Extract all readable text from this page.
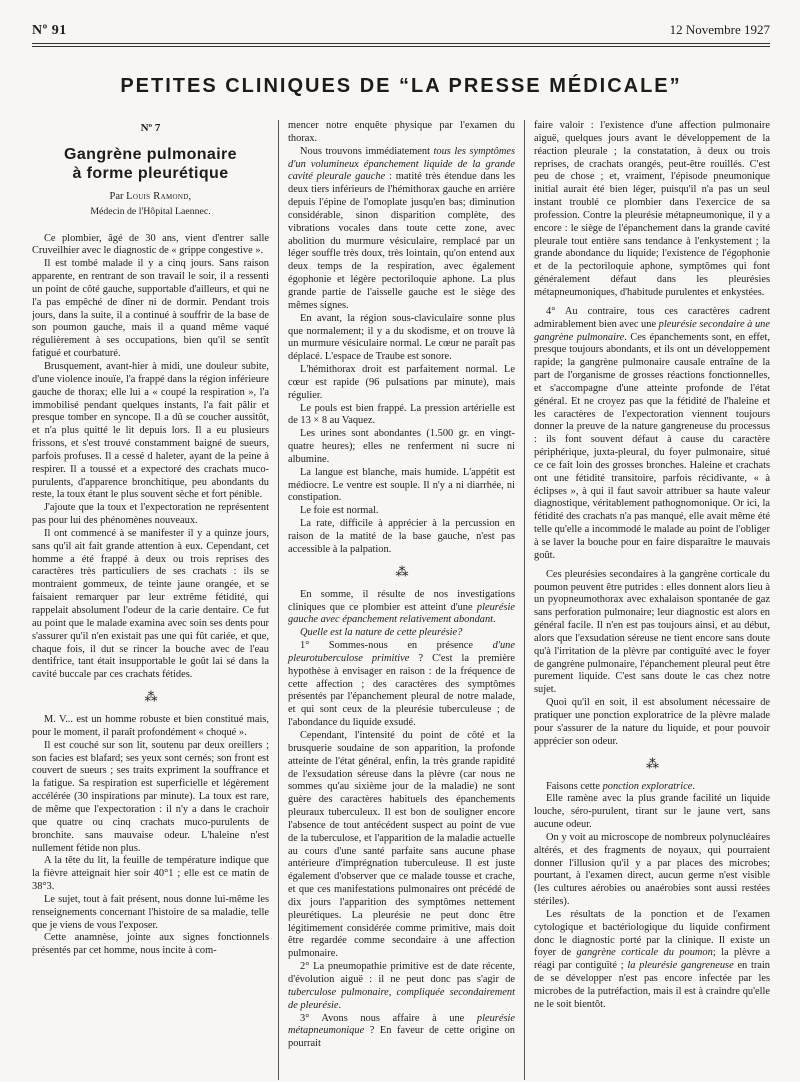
Nº 91	12 Novembre 1927
PETITES CLINIQUES DE “LA PRESSE MÉDICALE”
Nº 7
Gangrène pulmonaire
à forme pleurétique
Par Louis Ramond,
Médecin de l'Hôpital Laennec.

Ce plombier, âgé de 30 ans, vient d'entrer salle Cruveilhier avec le diagnostic de « grippe congestive ».

Il est tombé malade il y a cinq jours. Sans raison apparente, en rentrant de son travail le soir, il a ressenti un point de côté gauche, supportable d'ailleurs, et qui ne l'a pas empêché de dîner ni de dormir. Pendant trois jours, dans la suite, il a continué à souffrir de la base de son poumon gauche, mais il a quand même vaqué régulièrement à ses occupations, bien qu'il se sentît fatigué et courbaturé.

Brusquement, avant-hier à midi, une douleur subite, d'une violence inouïe, l'a frappé dans la région inférieure gauche de thorax; elle lui a « coupé la respiration », l'a immobilisé pendant quelques instants, l'a fait pâlir et presque tomber en syncope. Il a dû se coucher aussitôt, et n'a plus quitté le lit depuis lors. Il a eu plusieurs frissons, et s'est trouvé constamment baigné de sueurs, parfois profuses. Il a cessé d haleter, ayant de la peine à respirer. Il a toussé et a expectoré des crachats muco-purulents, d'apparence bronchitique, peu abondants du reste, la toux étant le plus souvent sèche et fort pénible.

J'ajoute que la toux et l'expectoration ne représentent pas pour lui des phénomènes nouveaux.

Il ont commencé à se manifester il y a quinze jours, sans qu'il ait fait grande attention à eux. Cependant, cet homme a été frappé à deux ou trois reprises des caractères très particuliers de ses crachats : ils se montraient gommeux, de teinte jaune orangée, et se faisaient remarquer par leur extrême fétidité, qui rappelait absolument l'odeur de la carie dentaire. Ce fut au point que le malade examina avec soin ses dents pour s'assurer qu'il n'en existait pas une qui fût cariée, et que, chaque fois, il dut se rincer la bouche avec de l'eau dentifrice, tant était insupportable le goût lai sé dans la cavité buccale par ces crachats fétides.

⁂

M. V... est un homme robuste et bien constitué mais, pour le moment, il paraît profondément « choqué ».

Il est couché sur son lit, soutenu par deux oreillers ; son facies est blafard; ses yeux sont cernés; son front est couvert de sueurs ; ses traits expriment la souffrance et la fatigue. Sa respiration est superficielle et légèrement accélérée (30 inspirations par minute). La toux est rare, de même que l'expectoration : il n'y a dans le crachoir que quatre ou cinq crachats muco-purulents de bronchite. sans mauvaise odeur. L'haleine n'est nullement fétide non plus.

A la tête du lit, la feuille de température indique que la fièvre atteignait hier soir 40°1 ; elle est ce matin de 38°3.

Le sujet, tout à fait présent, nous donne lui-même les renseignements concernant l'histoire de sa maladie, telle que je viens de vous l'exposer.

Cette anamnèse, jointe aux signes fonctionnels présentés par cet homme, nous incite à com-

mencer notre enquête physique par l'examen du thorax.

Nous trouvons immédiatement tous les symptômes d'un volumineux épanchement liquide de la grande cavité pleurale gauche : matité très étendue dans les deux tiers inférieurs de l'hémithorax gauche en arrière depuis l'épine de l'omoplate jusqu'en bas; diminution considérable, sinon disparition complète, des vibrations vocales dans toute cette zone, avec abolition du murmure vésiculaire, remplacé par un léger souffle très doux, très lointain, qu'on entend aux deux temps de la respiration, avec également égophonie et légère pectoriloquie aphone. La plus grande partie de l'aisselle gauche est le siège des mêmes signes.

En avant, la région sous-claviculaire sonne plus que normalement; il y a du skodisme, et on trouve là un murmure vésiculaire normal. Le cœur ne paraît pas déplacé. L'espace de Traube est sonore.

L'hémithorax droit est parfaitement normal. Le cœur est rapide (96 pulsations par minute), mais régulier.

Le pouls est bien frappé. La pression artérielle est de 13 × 8 au Vaquez.

Les urines sont abondantes (1.500 gr. en vingt-quatre heures); elles ne renferment ni sucre ni albumine.

La langue est blanche, mais humide. L'appétit est médiocre. Le ventre est souple. Il n'y a ni diarrhée, ni constipation.

Le foie est normal.

La rate, difficile à apprécier à la percussion en raison de la matité de la base gauche, n'est pas accessible à la palpation.

⁂

En somme, il résulte de nos investigations cliniques que ce plombier est atteint d'une pleurésie gauche avec épanchement relativement abondant.

Quelle est la nature de cette pleurésie?

1° Sommes-nous en présence d'une pleurotuberculose primitive ? C'est la première hypothèse à envisager en raison : de la fréquence de cette affection ; des caractères des symptômes présentés par l'épanchement pleural de notre malade, et qui sont ceux de la pleurésie tuberculeuse ; de l'abondance du liquide exsudé.

Cependant, l'intensité du point de côté et la brusquerie soudaine de son apparition, la profonde atteinte de l'état général, enfin, la très grande rapidité de l'exsudation séreuse dans la plèvre (car nous ne sommes qu'au sixième jour de la maladie) ne sont guère des caractères habituels des épanchements pleuraux tuberculeux. Il est bon de souligner encore l'absence de tout antécédent suspect au point de vue de la tuberculose, et l'apparition de la maladie actuelle au cours d'une santé parfaite sans aucune phase antérieure d'imprégnation tuberculeuse. Il est juste également d'observer que ce malade tousse et crache, et que ces manifestations pulmonaires ont précédé de dix jours l'apparition des symptômes nettement pleurétiques. La pleurésie ne peut donc être légitimement considérée comme primitive, mais doit être regardée comme secondaire à une affection pulmonaire.

2° La pneumopathie primitive est de date récente, d'évolution aiguë : il ne peut donc pas s'agir de tuberculose pulmonaire, compliquée secondairement de pleurésie.

3° Avons nous affaire à une pleurésie métapneumonique ? En faveur de cette origine on pourrait

faire valoir : l'existence d'une affection pulmonaire aiguë, quelques jours avant le développement de la réaction pleurale ; la constatation, à deux ou trois reprises, de crachats orangés, peut-être rouillés. C'est peu de chose ; et, vraiment, l'épisode pneumonique initial aurait été bien léger, puisqu'il n'a pas un seul instant troublé ce plombier dans l'exercice de sa profession. Contre la pleurésie métapneumonique, il y a encore : le siège de l'épanchement dans la grande cavité pleurale tout entière sans tendance à l'enkystement ; la grande abondance du liquide; l'existence de l'égophonie et de la pectoriloquie aphone, symptômes qui font généralement défaut dans les pleurésies métapneumoniques, d'habitude purulentes et enkystées.

4° Au contraire, tous ces caractères cadrent admirablement bien avec une pleurésie secondaire à une gangrène pulmonaire. Ces épanchements sont, en effet, presque toujours abondants, et ils ont un développement rapide; la gangrène pulmonaire causale entraîne de la part de l'organisme de grosses réactions fonctionnelles, et s'accompagne d'une atteinte profonde de l'état général. Et ne croyez pas que la fétidité de l'haleine et les caractères de l'expectoration viennent toujours donner la preuve de la nature gangreneuse du processus : ils font souvent défaut à cause du caractère périphérique, juxta-pleural, du foyer pulmonaire, situé ce ce fait loin des grosses bronches. Haleine et crachats ont une fétidité transitoire, parfois récidivante, « à éclipses », à qui il faut savoir attribuer sa haute valeur diagnostique, véritablement pathognomonique. Or ici, la fétidité des crachats n'a pas manqué, elle avait même été telle qu'elle a incommodé le malade au point de l'obliger à se laver la bouche pour en faire disparaître le mauvais goût.

Ces pleurésies secondaires à la gangrène corticale du poumon peuvent être putrides : elles donnent alors lieu à un pyopneumothorax avec exhalaison spontanée de gaz sans perforation pulmonaire; leur diagnostic est alors en général facile. Il n'en est pas toujours ainsi, et au début, alors que l'exsudation séreuse ne tient encore sans doute qu'à l'irritation de la plèvre par contiguïté avec le foyer de gangrène pulmonaire, l'épanchement pleural peut être purement liquide. C'est sans doute le cas chez notre sujet.

Quoi qu'il en soit, il est absolument nécessaire de pratiquer une ponction exploratrice de la plèvre malade pour s'assurer de la nature du liquide, et pour pouvoir apprécier son odeur.

⁂

Faisons cette ponction exploratrice.

Elle ramène avec la plus grande facilité un liquide louche, séro-purulent, tirant sur le jaune vert, sans aucune odeur.

On y voit au microscope de nombreux polynucléaires altérés, et des fragments de noyaux, qui pourraient donner l'illusion qu'il y a par places des microbes; pourtant, à l'examen direct, aucun germe n'est visible (les cultures aérobies ou anaérobies sont aussi restées stériles).

Les résultats de la ponction et de l'examen cytologique et bactériologique du liquide confirment donc le diagnostic porté par la clinique. Il existe un foyer de gangrène corticale du poumon; la plèvre a réagi par contiguïté ; la pleurésie gangreneuse en train de se développer n'est pas encore infectée par les microbes de la putréfaction, mais il est à craindre qu'elle ne le soit bientôt.
